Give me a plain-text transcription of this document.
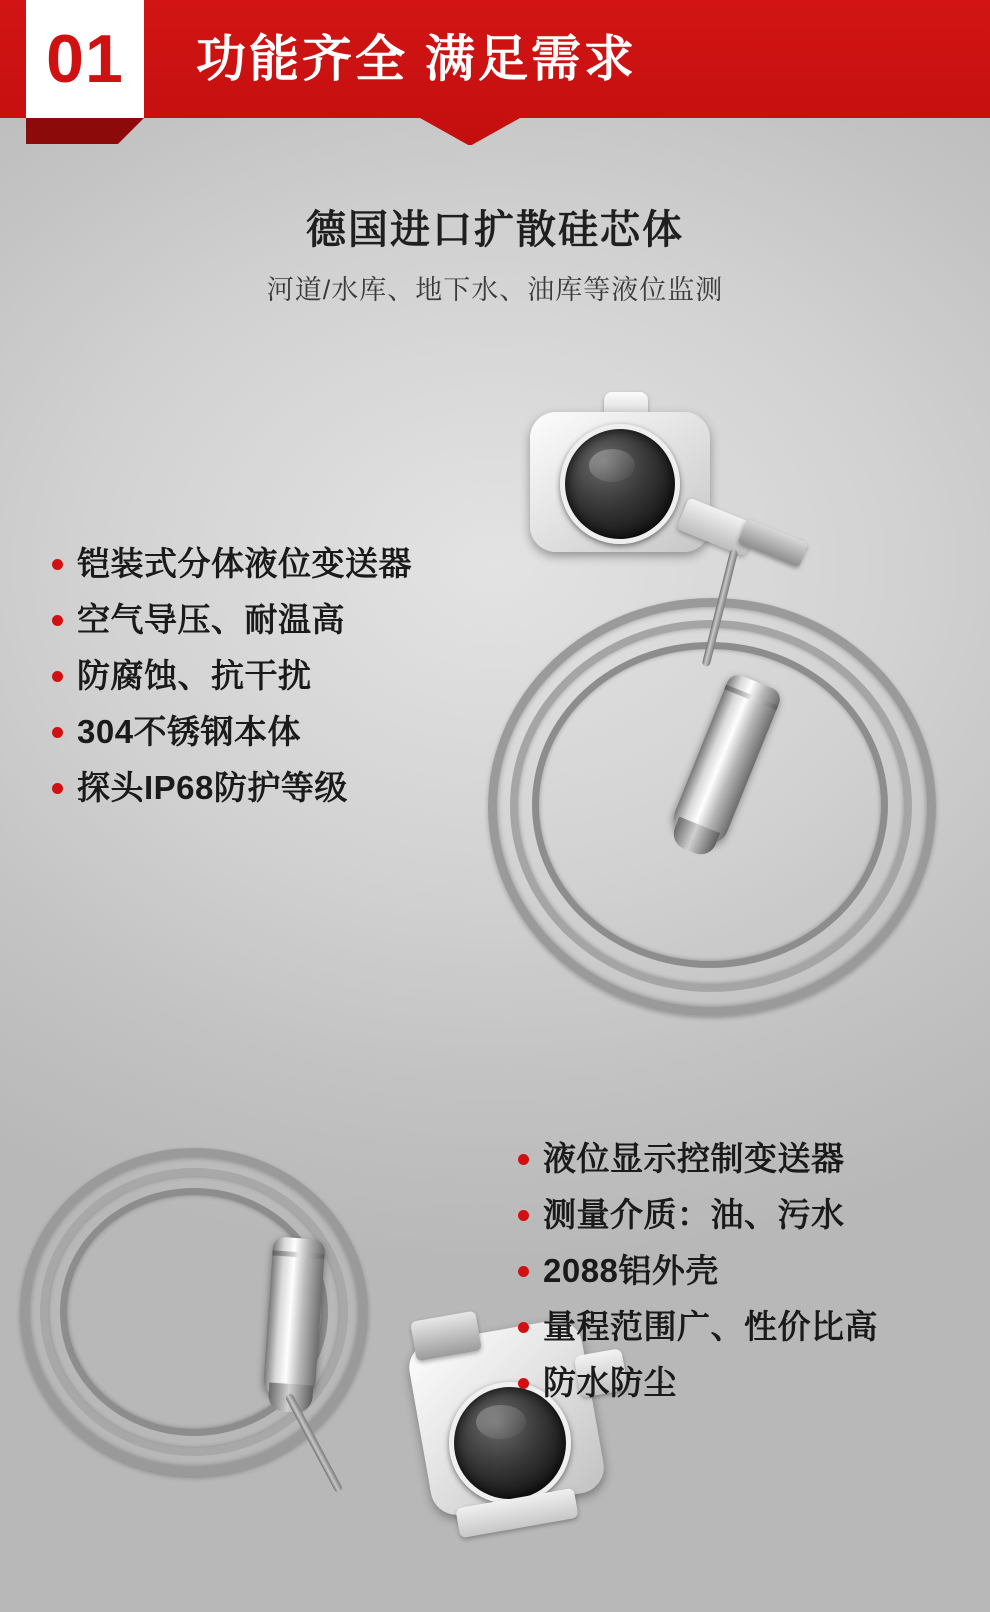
01	功能齐全 满足需求
德国进口扩散硅芯体
河道/水库、地下水、油库等液位监测
铠装式分体液位变送器
空气导压、耐温高
防腐蚀、抗干扰
304不锈钢本体
探头IP68防护等级
液位显示控制变送器
测量介质：油、污水
2088铝外壳
量程范围广、性价比高
防水防尘
